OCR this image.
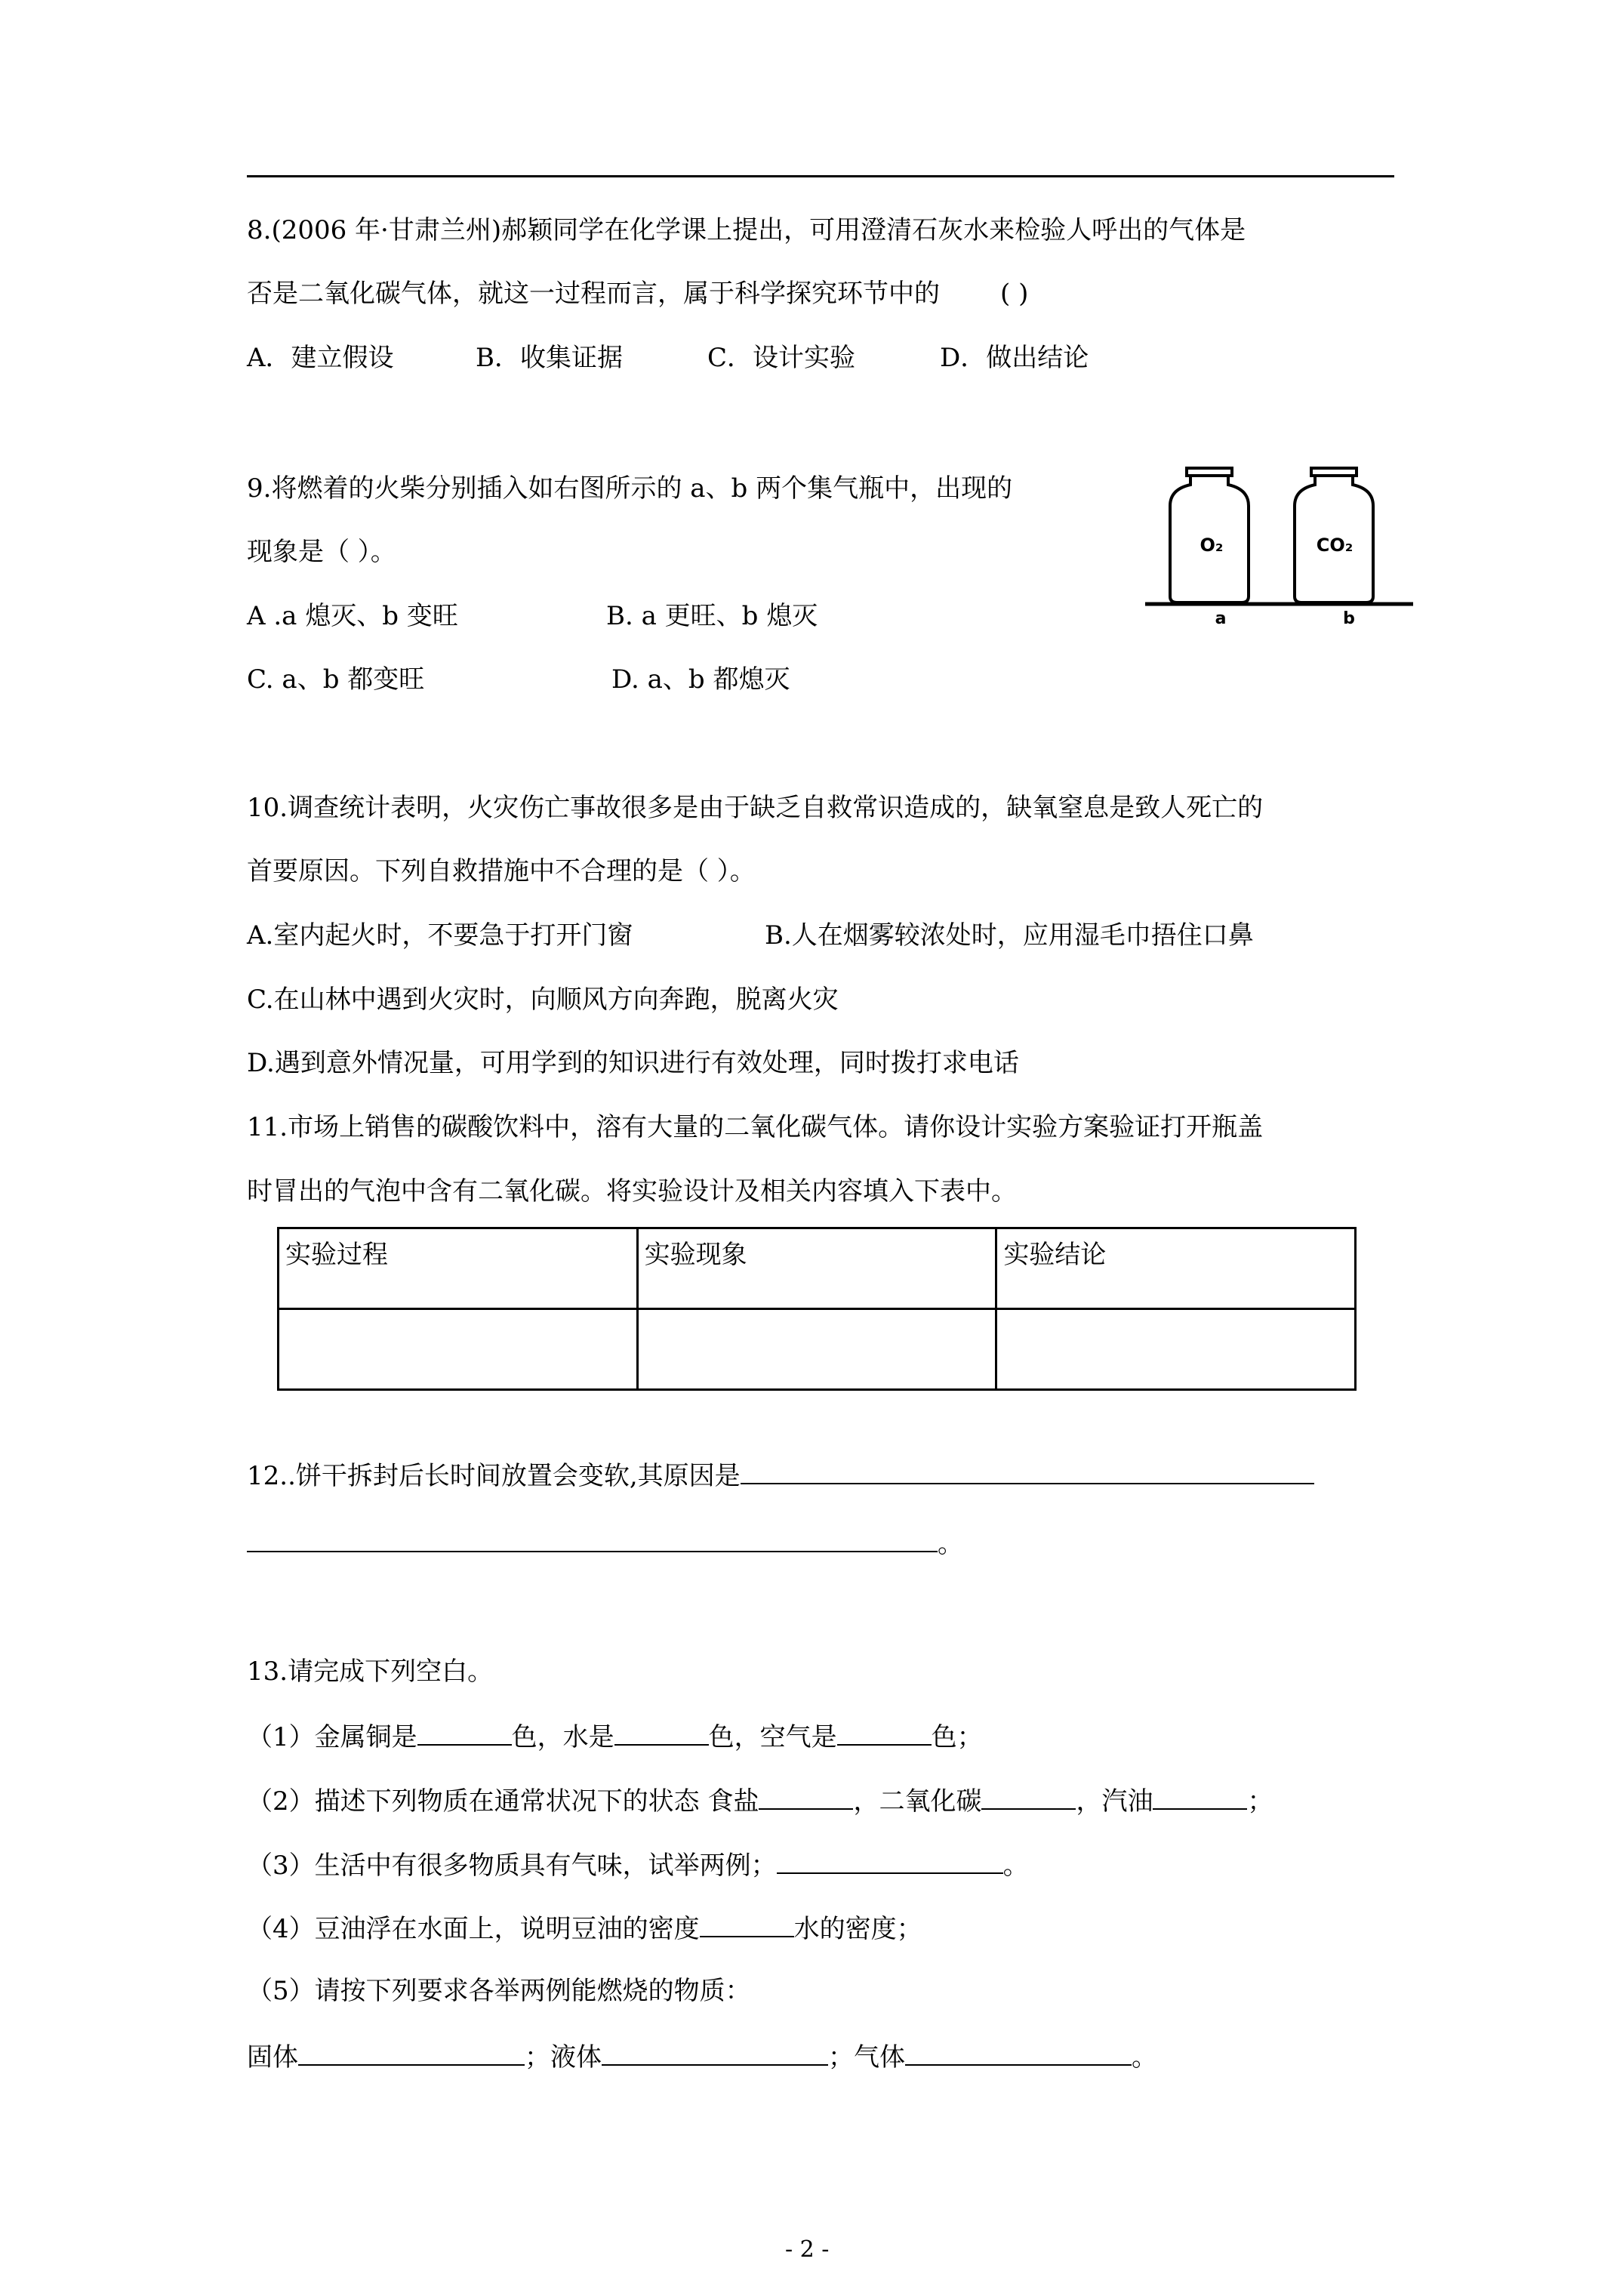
8.(2006 年·甘肃兰州)郝颖同学在化学课上提出，可用澄清石灰水来检验人呼出的气体是
否是二氧化碳气体，就这一过程而言，属于科学探究环节中的 ( )
A．建立假设	B．收集证据	C．设计实验	D．做出结论
9.将燃着的火柴分别插入如右图所示的 a、b 两个集气瓶中，出现的
现象是（ ）。
A .a 熄灭、b 变旺	B. a 更旺、b 熄灭
C. a、b 都变旺	D. a、b 都熄灭
O₂	CO₂
a	b
10.调查统计表明，火灾伤亡事故很多是由于缺乏自救常识造成的，缺氧窒息是致人死亡的
首要原因。下列自救措施中不合理的是（ ）。
A.室内起火时，不要急于打开门窗	B.人在烟雾较浓处时，应用湿毛巾捂住口鼻
C.在山林中遇到火灾时，向顺风方向奔跑，脱离火灾
D.遇到意外情况量，可用学到的知识进行有效处理，同时拨打求电话
11.市场上销售的碳酸饮料中，溶有大量的二氧化碳气体。请你设计实验方案验证打开瓶盖
时冒出的气泡中含有二氧化碳。将实验设计及相关内容填入下表中。
实验过程	实验现象	实验结论

12..饼干拆封后长时间放置会变软,其原因是
。
13.请完成下列空白。
（1）金属铜是	色，水是	色，空气是	色；
（2）描述下列物质在通常状况下的状态 食盐	，二氧化碳	，汽油	；
（3）生活中有很多物质具有气味，试举两例；	。
（4）豆油浮在水面上，说明豆油的密度	水的密度；
（5）请按下列要求各举两例能燃烧的物质：
固体	；液体	；气体	。
- 2 -
